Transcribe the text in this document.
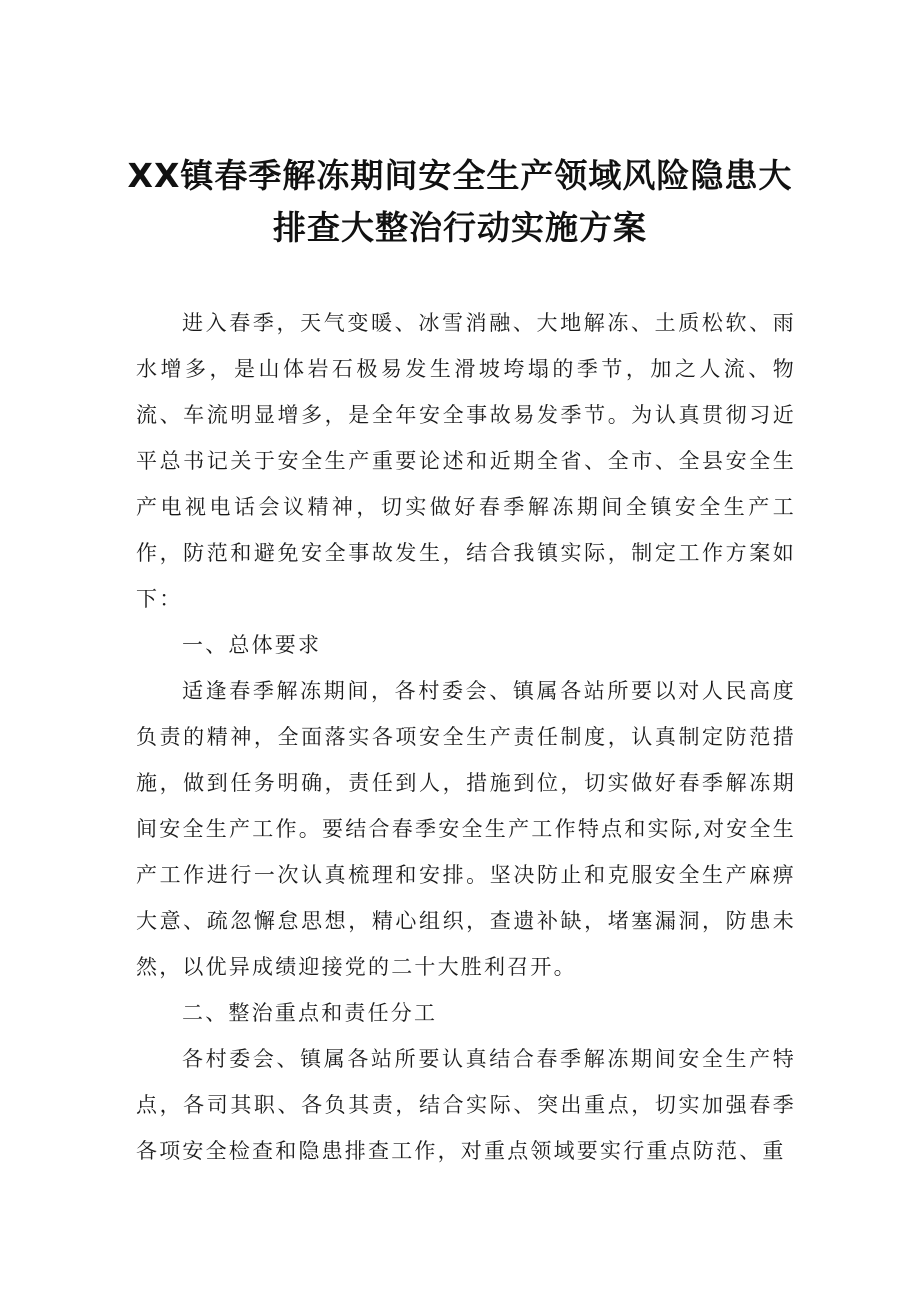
XX镇春季解冻期间安全生产领域风险隐患大
排查大整治行动实施方案

进入春季，天气变暖、冰雪消融、大地解冻、土质松软、雨水增多，是山体岩石极易发生滑坡垮塌的季节，加之人流、物流、车流明显增多，是全年安全事故易发季节。为认真贯彻习近平总书记关于安全生产重要论述和近期全省、全市、全县安全生产电视电话会议精神，切实做好春季解冻期间全镇安全生产工作，防范和避免安全事故发生，结合我镇实际，制定工作方案如下：

一、总体要求

适逢春季解冻期间，各村委会、镇属各站所要以对人民高度负责的精神，全面落实各项安全生产责任制度，认真制定防范措施，做到任务明确，责任到人，措施到位，切实做好春季解冻期间安全生产工作。要结合春季安全生产工作特点和实际,对安全生产工作进行一次认真梳理和安排。坚决防止和克服安全生产麻痹大意、疏忽懈怠思想，精心组织，查遗补缺，堵塞漏洞，防患未然，以优异成绩迎接党的二十大胜利召开。

二、整治重点和责任分工

各村委会、镇属各站所要认真结合春季解冻期间安全生产特点，各司其职、各负其责，结合实际、突出重点，切实加强春季各项安全检查和隐患排查工作，对重点领域要实行重点防范、重
